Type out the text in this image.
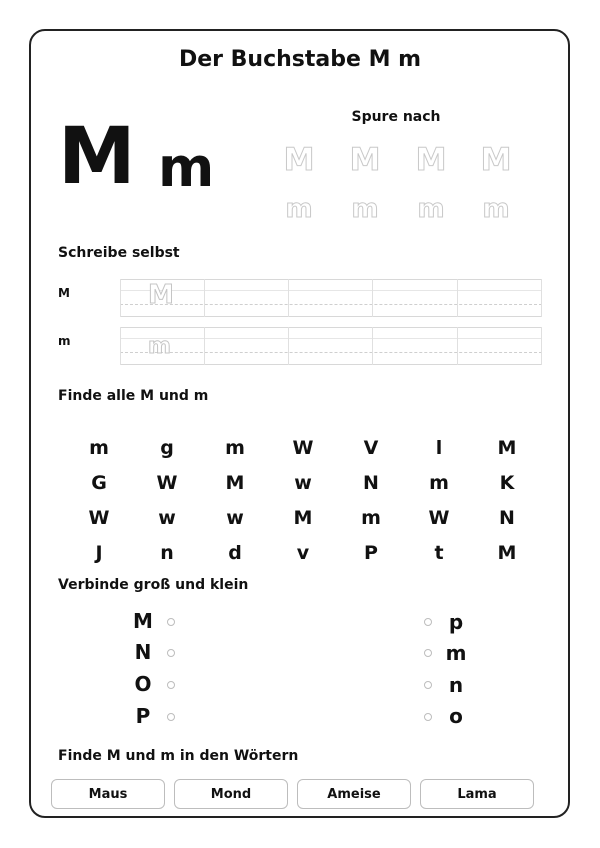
Der Buchstabe M m
M m
Spure nach
M M M M
m m m m
Schreibe selbst
M	M
m	m
Finde alle M und m
m	g	m	W	V	l	M
G	W	M	w	N	m	K
W	w	w	M	m	W	N
J	n	d	v	P	t	M
Verbinde groß und klein
M
N
O
P
p
m
n
o
Finde M und m in den Wörtern
Maus	Mond	Ameise	Lama
